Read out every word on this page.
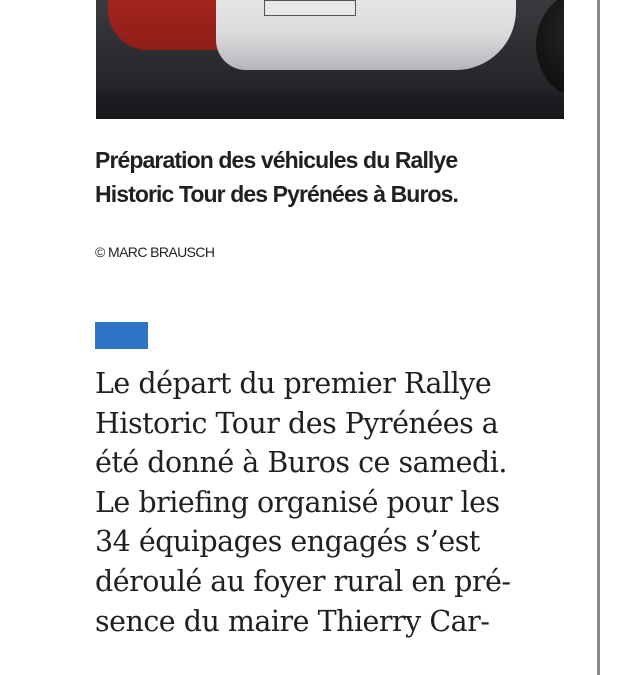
Préparation des véhicules du Rallye
Historic Tour des Pyrénées à Buros.
© MARC BRAUSCH
Le départ du premier Rallye
Historic Tour des Pyrénées a
été donné à Buros ce samedi.
Le briefing organisé pour les
34 équipages engagés s’est
déroulé au foyer rural en pré-
sence du maire Thierry Car-
